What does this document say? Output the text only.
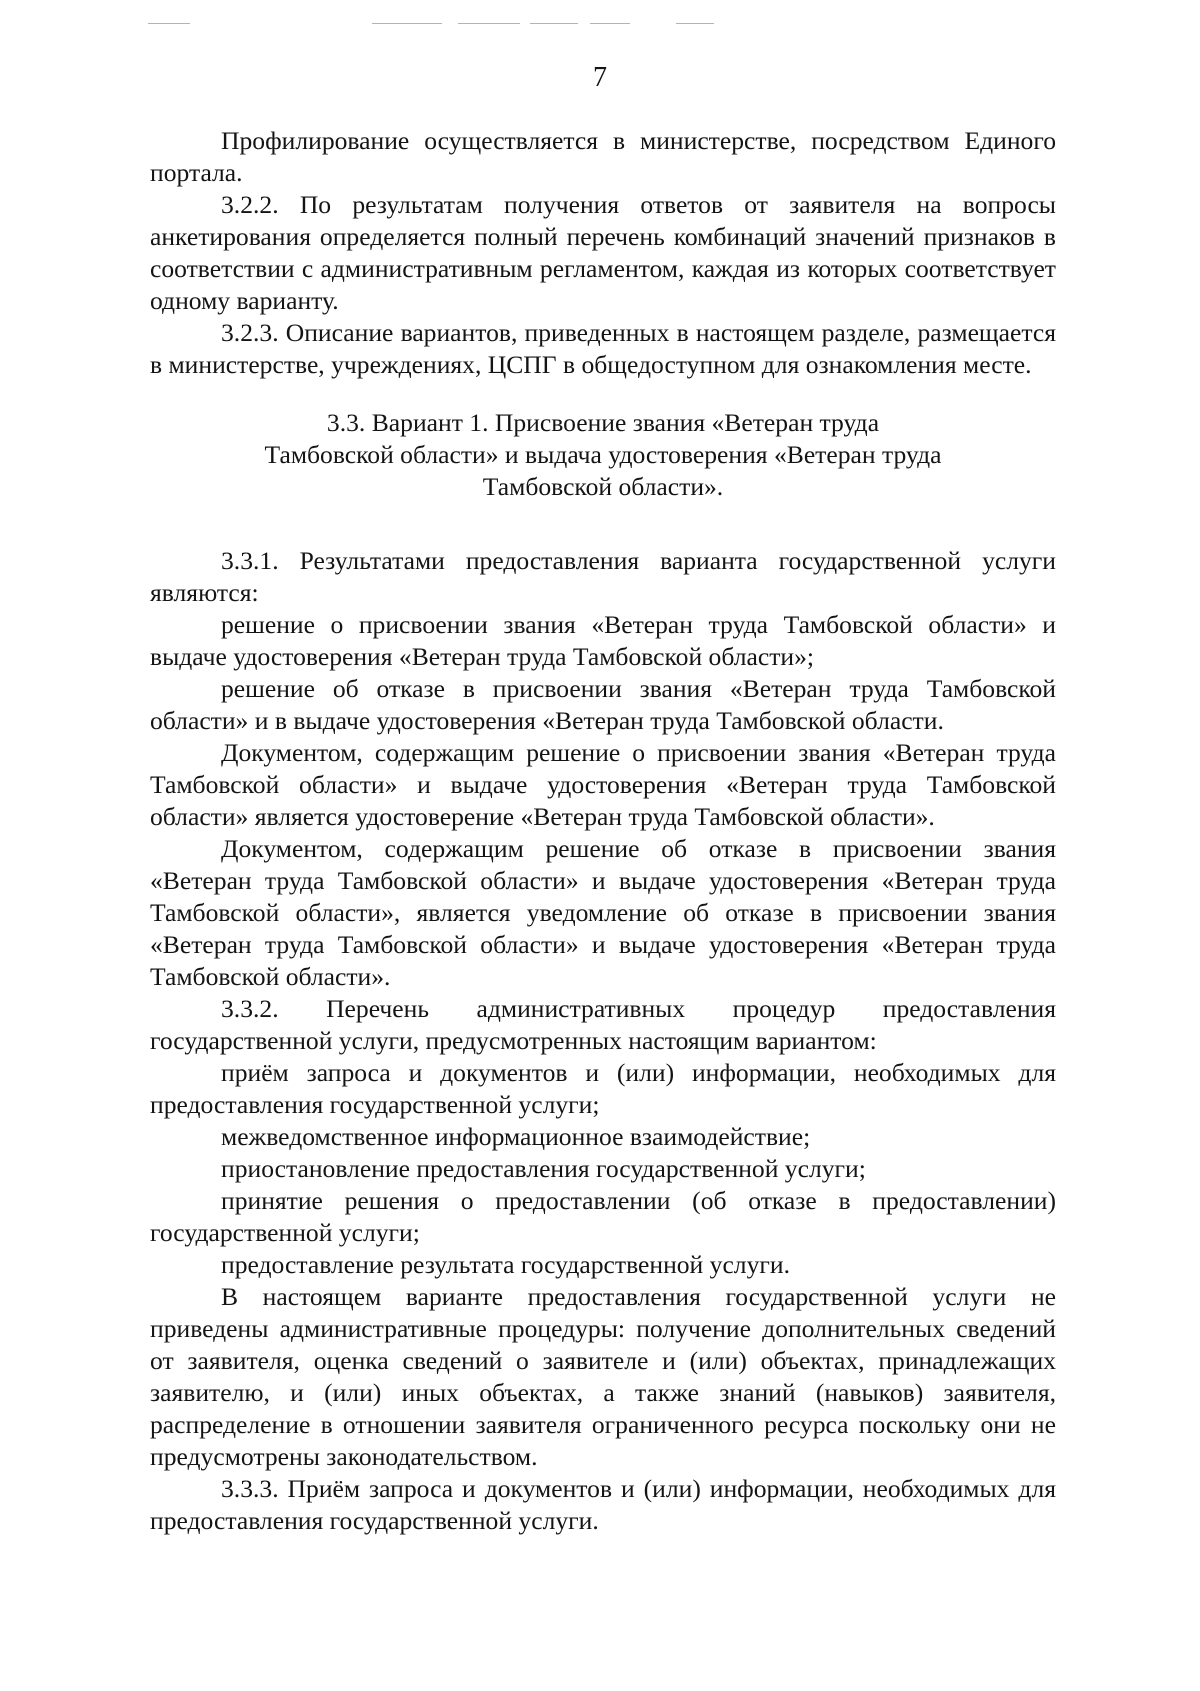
7

Профилирование осуществляется в министерстве, посредством Единого портала.

3.2.2. По результатам получения ответов от заявителя на вопросы анкетирования определяется полный перечень комбинаций значений признаков в соответствии с административным регламентом, каждая из которых соответствует одному варианту.

3.2.3. Описание вариантов, приведенных в настоящем разделе, размещается в министерстве, учреждениях, ЦСПГ в общедоступном для ознакомления месте.

3.3. Вариант 1. Присвоение звания «Ветеран труда
Тамбовской области» и выдача удостоверения «Ветеран труда
Тамбовской области».

3.3.1. Результатами предоставления варианта государственной услуги являются:

решение о присвоении звания «Ветеран труда Тамбовской области» и выдаче удостоверения «Ветеран труда Тамбовской области»;

решение об отказе в присвоении звания «Ветеран труда Тамбовской области» и в выдаче удостоверения «Ветеран труда Тамбовской области.

Документом, содержащим решение о присвоении звания «Ветеран труда Тамбовской области» и выдаче удостоверения «Ветеран труда Тамбовской области» является удостоверение «Ветеран труда Тамбовской области».

Документом, содержащим решение об отказе в присвоении звания «Ветеран труда Тамбовской области» и выдаче удостоверения «Ветеран труда Тамбовской области», является уведомление об отказе в присвоении звания «Ветеран труда Тамбовской области» и выдаче удостоверения «Ветеран труда Тамбовской области».

3.3.2. Перечень административных процедур предоставления государственной услуги, предусмотренных настоящим вариантом:

приём запроса и документов и (или) информации, необходимых для предоставления государственной услуги;

межведомственное информационное взаимодействие;

приостановление предоставления государственной услуги;

принятие решения о предоставлении (об отказе в предоставлении) государственной услуги;

предоставление результата государственной услуги.

В настоящем варианте предоставления государственной услуги не приведены административные процедуры: получение дополнительных сведений от заявителя, оценка сведений о заявителе и (или) объектах, принадлежащих заявителю, и (или) иных объектах, а также знаний (навыков) заявителя, распределение в отношении заявителя ограниченного ресурса поскольку они не предусмотрены законодательством.

3.3.3. Приём запроса и документов и (или) информации, необходимых для предоставления государственной услуги.
